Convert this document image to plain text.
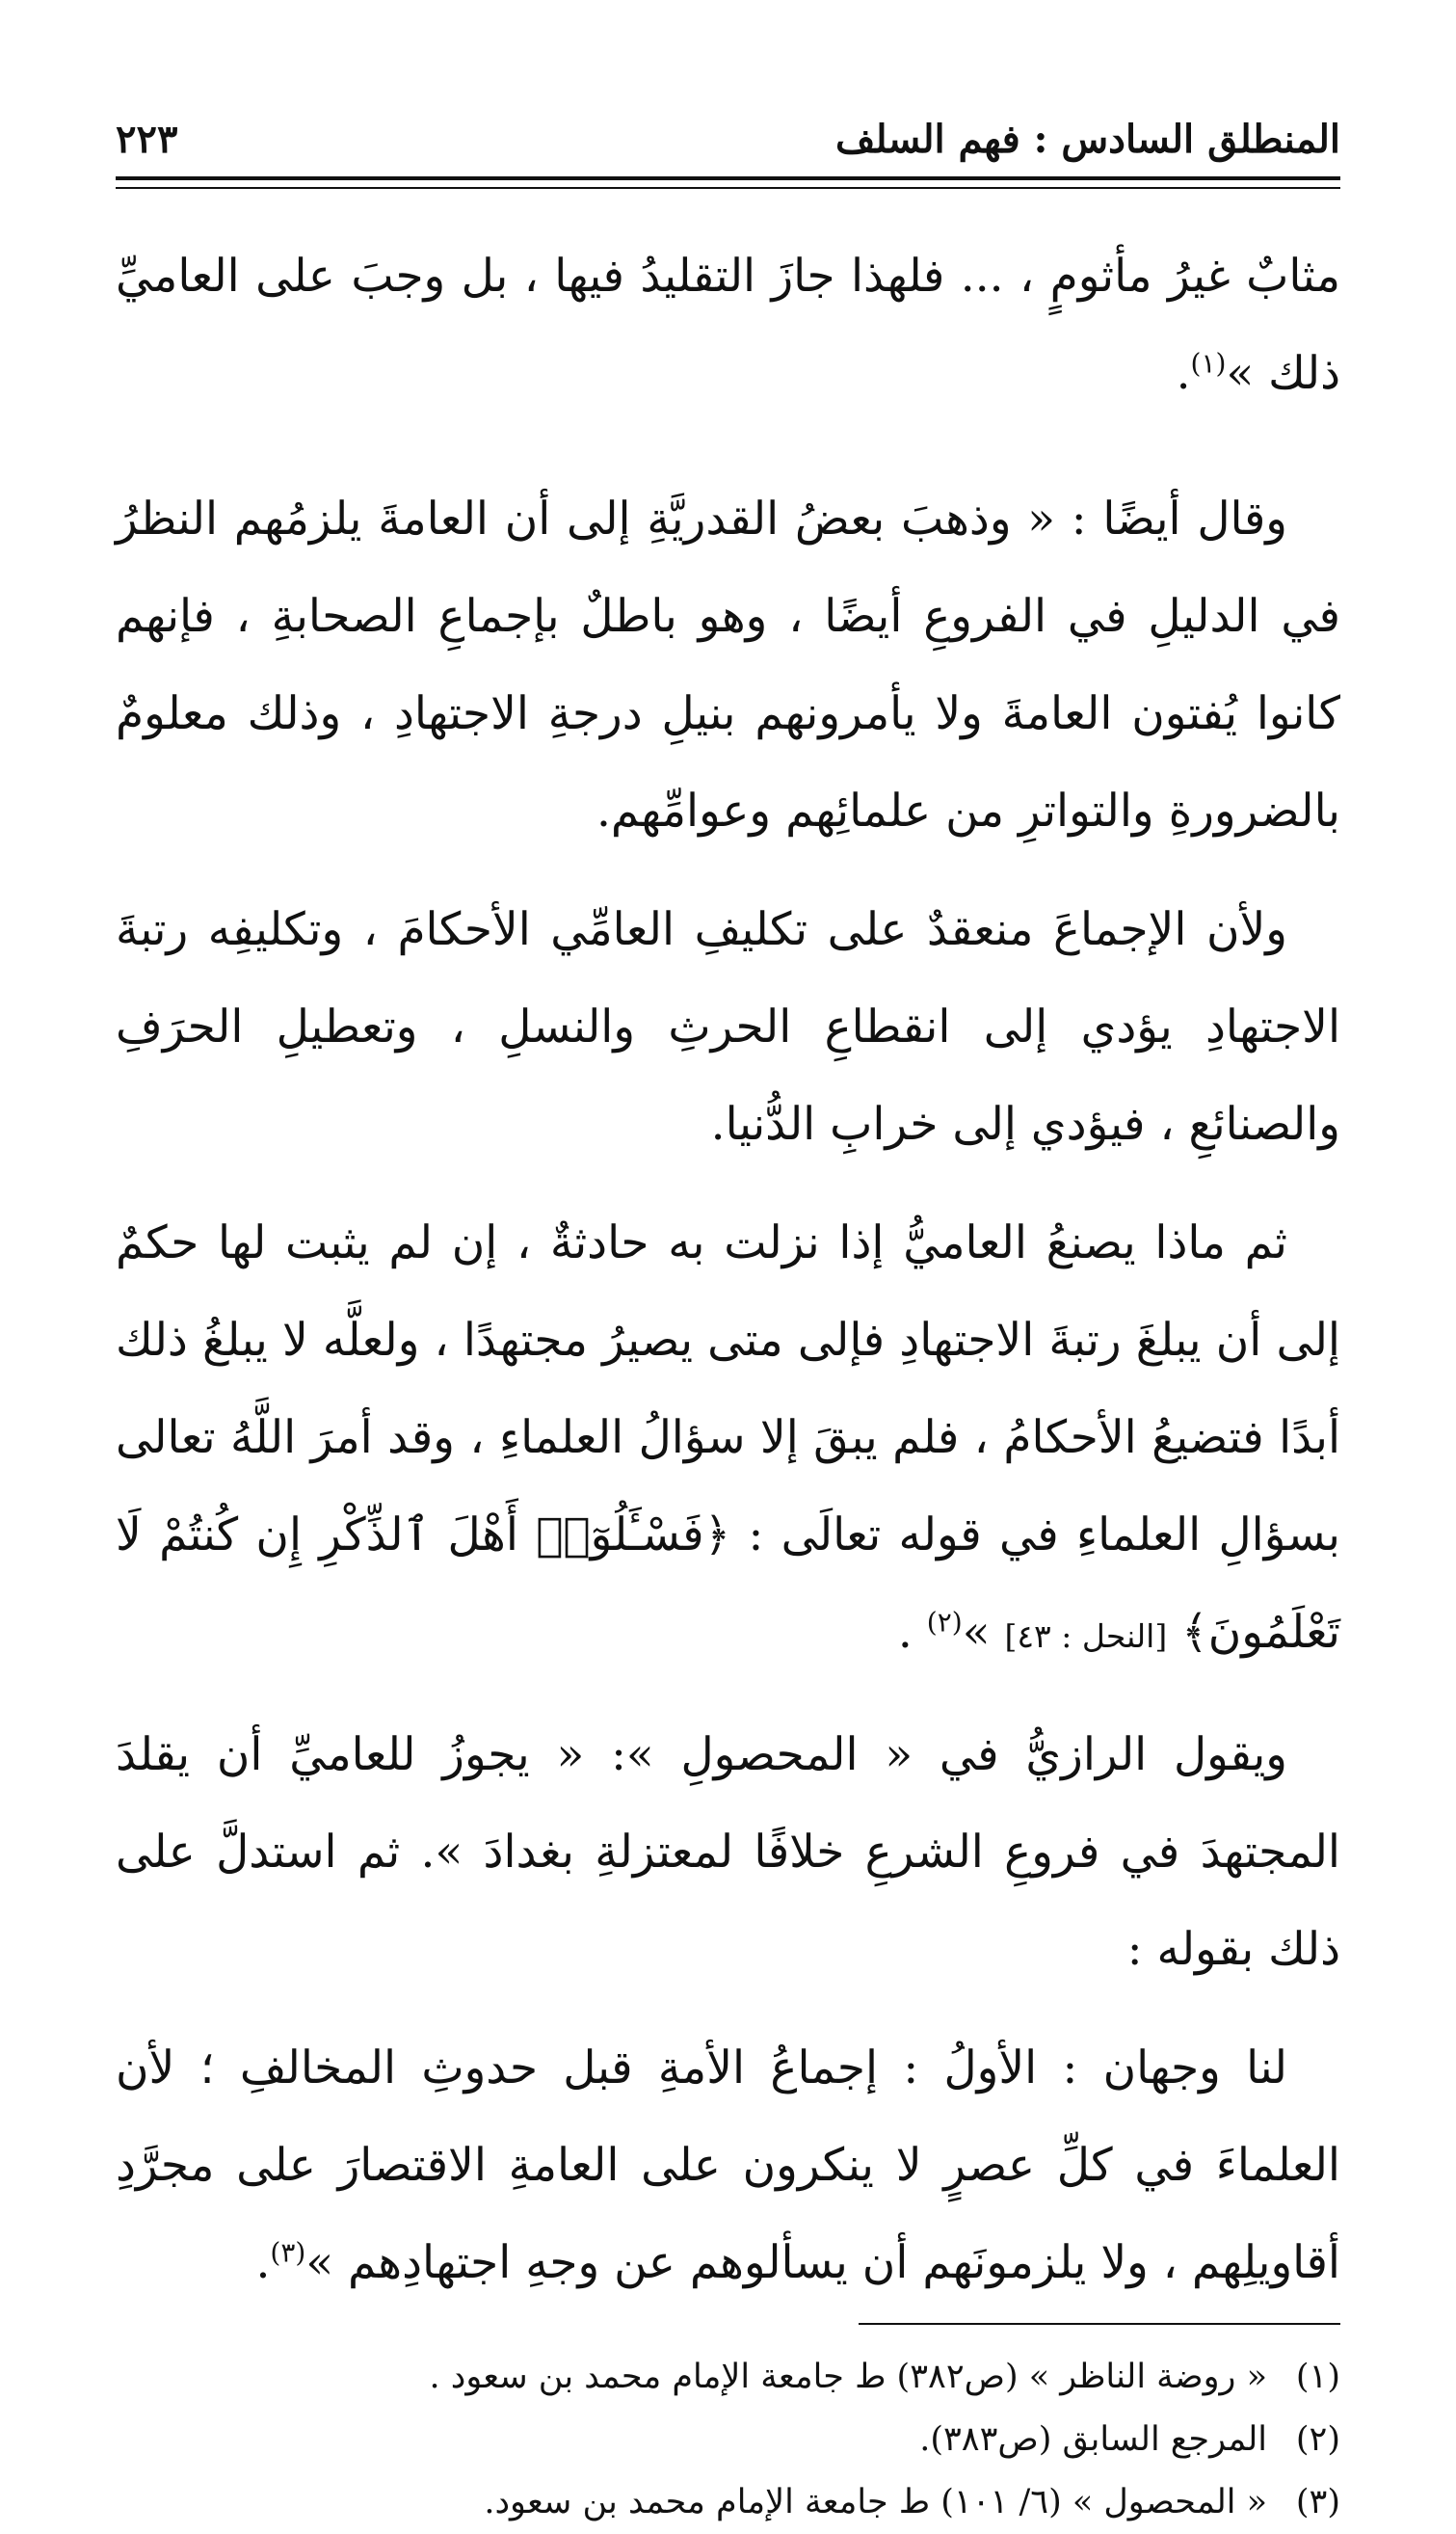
المنطلق السادس : فهم السلف
٢٢٣

مثابٌ غيرُ مأثومٍ ، ... فلهذا جازَ التقليدُ فيها ، بل وجبَ على العاميِّ ذلك »$^{(١)}$.

وقال أيضًا : « وذهبَ بعضُ القدريَّةِ إلى أن العامةَ يلزمُهم النظرُ في الدليلِ في الفروعِ أيضًا ، وهو باطلٌ بإجماعِ الصحابةِ ، فإنهم كانوا يُفتون العامةَ ولا يأمرونهم بنيلِ درجةِ الاجتهادِ ، وذلك معلومٌ بالضرورةِ والتواترِ من علمائِهم وعوامِّهم.

ولأن الإجماعَ منعقدٌ على تكليفِ العامِّي الأحكامَ ، وتكليفِه رتبةَ الاجتهادِ يؤدي إلى انقطاعِ الحرثِ والنسلِ ، وتعطيلِ الحرَفِ والصنائعِ ، فيؤدي إلى خرابِ الدُّنيا.

ثم ماذا يصنعُ العاميُّ إذا نزلت به حادثةٌ ، إن لم يثبت لها حكمٌ إلى أن يبلغَ رتبةَ الاجتهادِ فإلى متى يصيرُ مجتهدًا ، ولعلَّه لا يبلغُ ذلك أبدًا فتضيعُ الأحكامُ ، فلم يبقَ إلا سؤالُ العلماءِ ، وقد أمرَ اللَّهُ تعالى بسؤالِ العلماءِ في قوله تعالَى : ﴿فَسْـَٔلُوٓا۟ أَهْلَ ٱلذِّكْرِ إِن كُنتُمْ لَا تَعْلَمُونَ﴾ [النحل : ٤٣] »$^{(٢)}$ .

ويقول الرازيُّ في « المحصولِ »: « يجوزُ للعاميِّ أن يقلدَ المجتهدَ في فروعِ الشرعِ خلافًا لمعتزلةِ بغدادَ ». ثم استدلَّ على ذلك بقوله :

لنا وجهان : الأولُ : إجماعُ الأمةِ قبل حدوثِ المخالفِ ؛ لأن العلماءَ في كلِّ عصرٍ لا ينكرون على العامةِ الاقتصارَ على مجرَّدِ أقاويلِهم ، ولا يلزمونَهم أن يسألوهم عن وجهِ اجتهادِهم »$^{(٣)}$.

(١)
« روضة الناظر » (ص٣٨٢) ط جامعة الإمام محمد بن سعود .
(٢)
المرجع السابق (ص٣٨٣).
(٣)
« المحصول » (٦/ ١٠١) ط جامعة الإمام محمد بن سعود.
